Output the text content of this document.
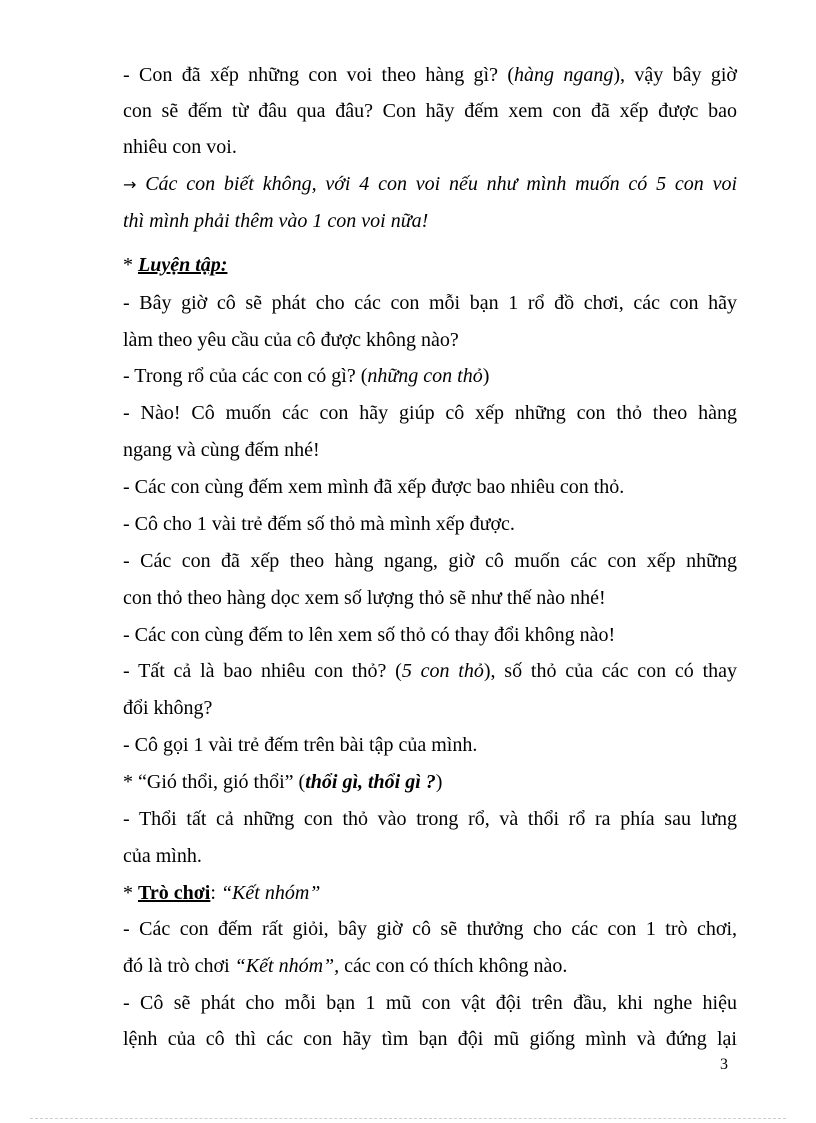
- Con đã xếp những con voi theo hàng gì? (hàng ngang), vậy bây giờ
con sẽ đếm từ đâu qua đâu? Con hãy đếm xem con đã xếp được bao
nhiêu con voi.
→ Các con biết không, với 4 con voi nếu như mình muốn có 5 con voi
thì mình phải thêm vào 1 con voi nữa!
* Luyện tập:
- Bây giờ cô sẽ phát cho các con mỗi bạn 1 rổ đồ chơi, các con hãy
làm theo yêu cầu của cô được không nào?
- Trong rổ của các con có gì? (những con thỏ)
- Nào! Cô muốn các con hãy giúp cô xếp những con thỏ theo hàng
ngang và cùng đếm nhé!
- Các con cùng đếm xem mình đã xếp được bao nhiêu con thỏ.
- Cô cho 1 vài trẻ đếm số thỏ mà mình xếp được.
- Các con đã xếp theo hàng ngang, giờ cô muốn các con xếp những
con thỏ theo hàng dọc xem số lượng thỏ sẽ như thế nào nhé!
- Các con cùng đếm to lên xem số thỏ có thay đổi không nào!
- Tất cả là bao nhiêu con thỏ? (5 con thỏ), số thỏ của các con có thay
đổi không?
- Cô gọi 1 vài trẻ đếm trên bài tập của mình.
* “Gió thổi, gió thổi” (thổi gì, thổi gì ?)
- Thổi tất cả những con thỏ vào trong rổ, và thổi rổ ra phía sau lưng
của mình.
* Trò chơi: “Kết nhóm”
- Các con đếm rất giỏi, bây giờ cô sẽ thưởng cho các con 1 trò chơi,
đó là trò chơi “Kết nhóm”, các con có thích không nào.
- Cô sẽ phát cho mỗi bạn 1 mũ con vật đội trên đầu, khi nghe hiệu
lệnh của cô thì các con hãy tìm bạn đội mũ giống mình và đứng lại
3
